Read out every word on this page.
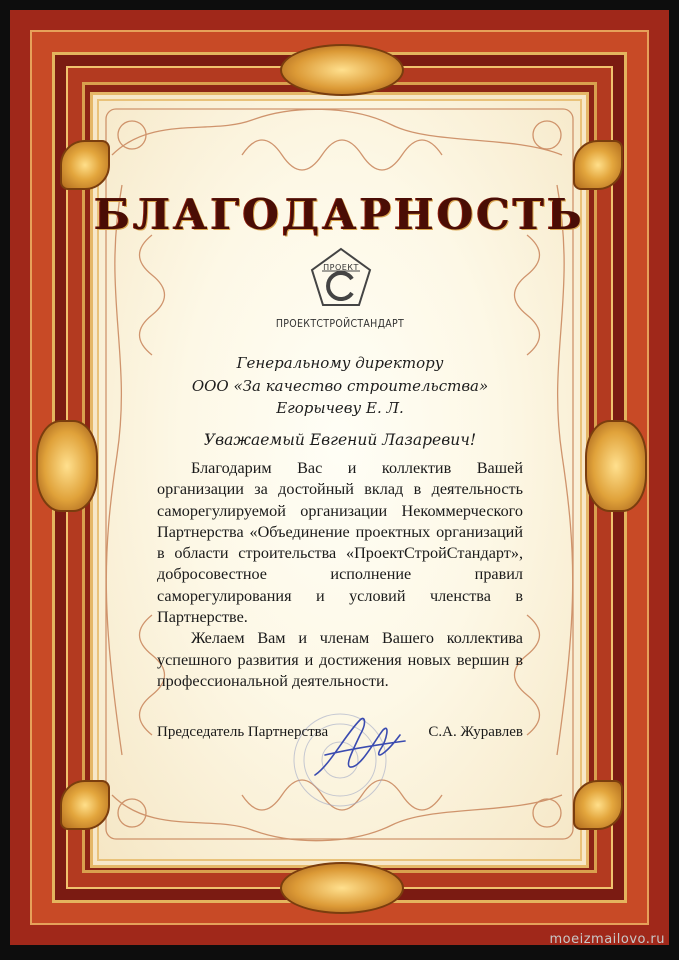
БЛАГОДАРНОСТЬ
ПРОЕКТ
ПРОЕКТСТРОЙСТАНДАРТ
Генеральному директору
ООО «За качество строительства»
Егорычеву Е. Л.
Уважаемый Евгений Лазаревич!

Благодарим Вас и коллектив Вашей организации за достойный вклад в деятельность саморегулируемой организации Некоммерческого Партнерства «Объединение проектных организаций в области строительства «ПроектСтройСтандарт», добросовестное исполнение правил саморегулирования и условий членства в Партнерстве.

Желаем Вам и членам Вашего коллектива успешного развития и достижения новых вершин в профессиональной деятельности.

Председатель Партнерства	С.А. Журавлев
moeizmailovo.ru
